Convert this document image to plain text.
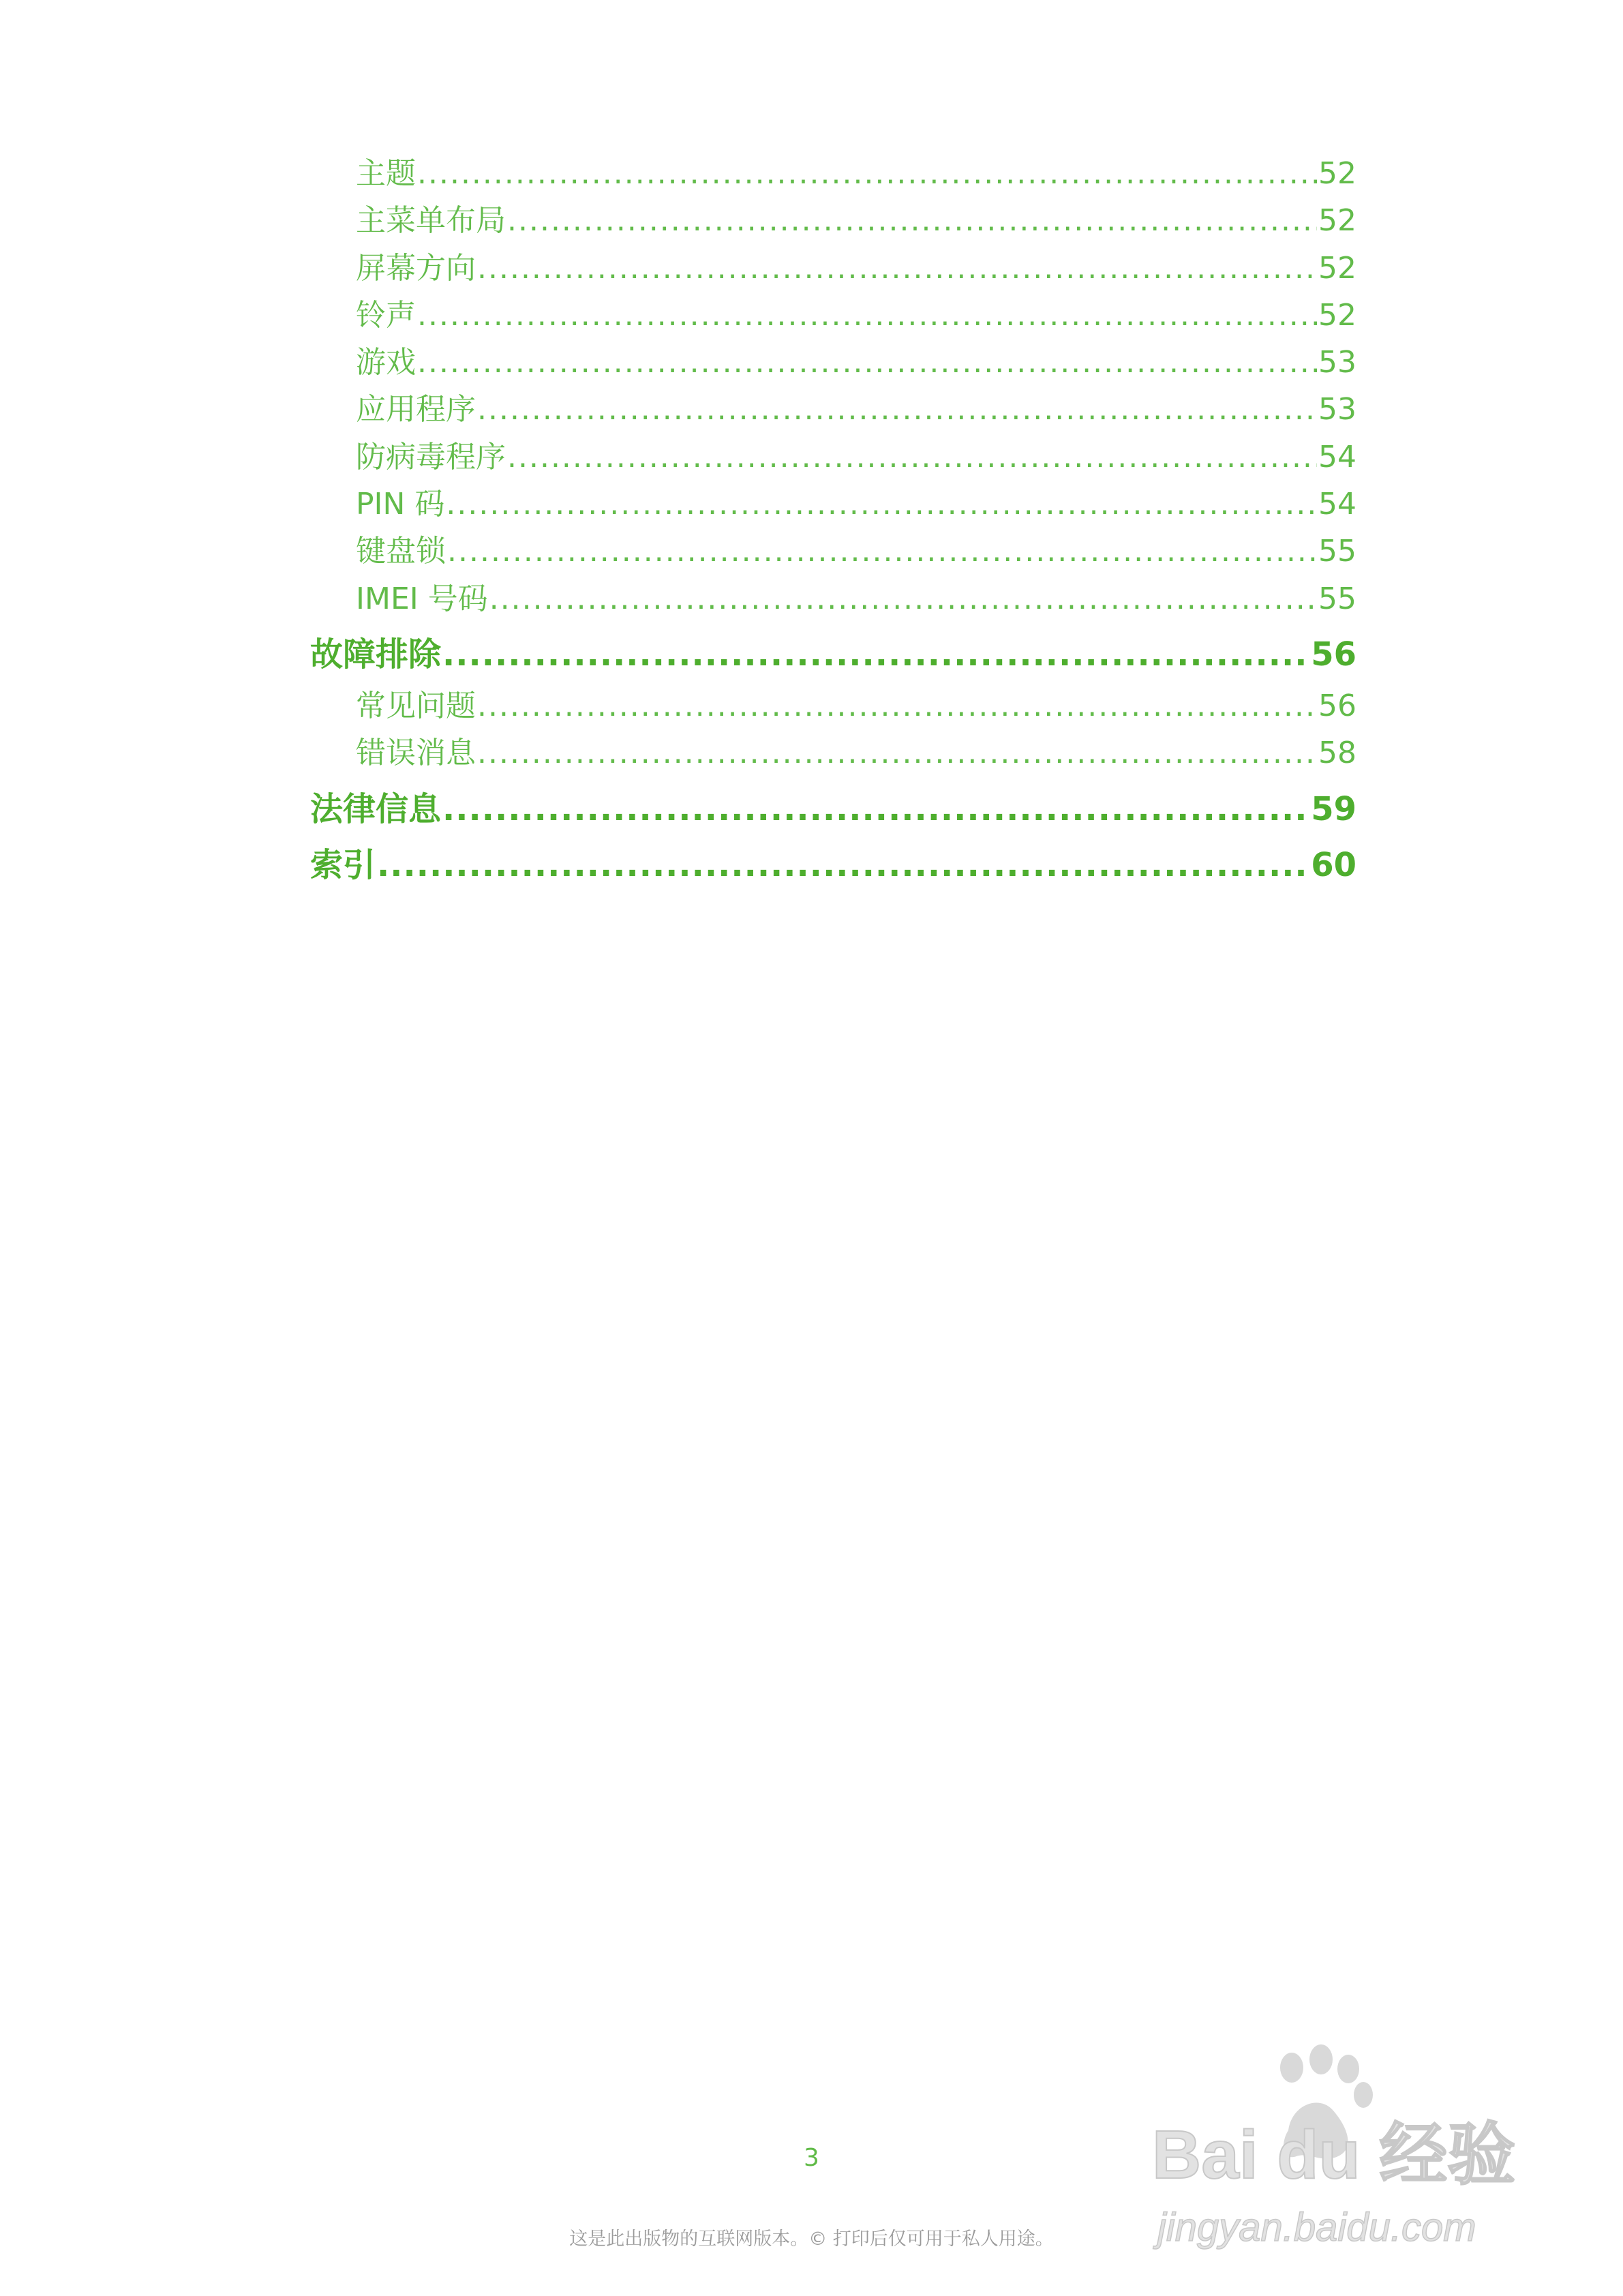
主题 .....	52
主菜单布局 .....	52
屏幕方向 .....	52
铃声 .....	52
游戏 .....	53
应用程序 .....	53
防病毒程序 .....	54
PIN 码 .....	54
键盘锁 .....	55
IMEI 号码 .....	55
故障排除 .....	56
常见问题 .....	56
错误消息 .....	58
法律信息 .....	59
索引 .....	60
3
这是此出版物的互联网版本。© 打印后仅可用于私人用途。
Bai du 经验
jingyan.baidu.com
